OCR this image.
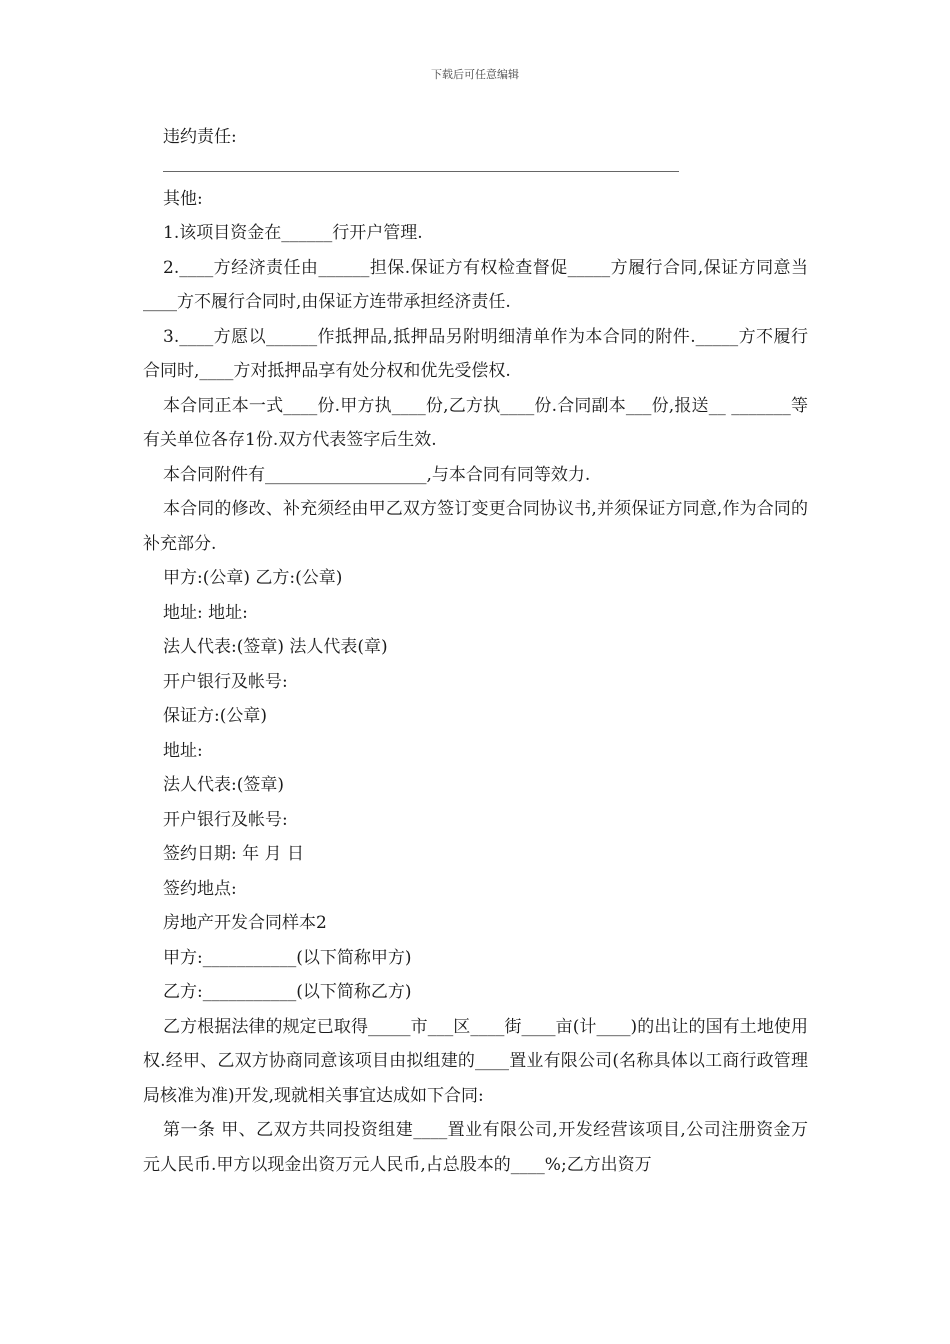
下载后可任意编辑

违约责任:

其他:

1.该项目资金在______行开户管理.

2.____方经济责任由______担保.保证方有权检查督促_____方履行合同,保证方同意当____方不履行合同时,由保证方连带承担经济责任.

3.____方愿以______作抵押品,抵押品另附明细清单作为本合同的附件._____方不履行合同时,____方对抵押品享有处分权和优先受偿权.

本合同正本一式____份.甲方执____份,乙方执____份.合同副本___份,报送__ _______等有关单位各存1份.双方代表签字后生效.

本合同附件有___________________,与本合同有同等效力.

本合同的修改、补充须经由甲乙双方签订变更合同协议书,并须保证方同意,作为合同的补充部分.

甲方:(公章) 乙方:(公章)

地址: 地址:

法人代表:(签章) 法人代表(章)

开户银行及帐号:

保证方:(公章)

地址:

法人代表:(签章)

开户银行及帐号:

签约日期: 年 月 日

签约地点:

房地产开发合同样本2

甲方:___________(以下简称甲方)

乙方:___________(以下简称乙方)

乙方根据法律的规定已取得_____市___区____街____亩(计____)的出让的国有土地使用权.经甲、乙双方协商同意该项目由拟组建的____置业有限公司(名称具体以工商行政管理局核准为准)开发,现就相关事宜达成如下合同:

第一条 甲、乙双方共同投资组建____置业有限公司,开发经营该项目,公司注册资金万元人民币.甲方以现金出资万元人民币,占总股本的____%;乙方出资万
